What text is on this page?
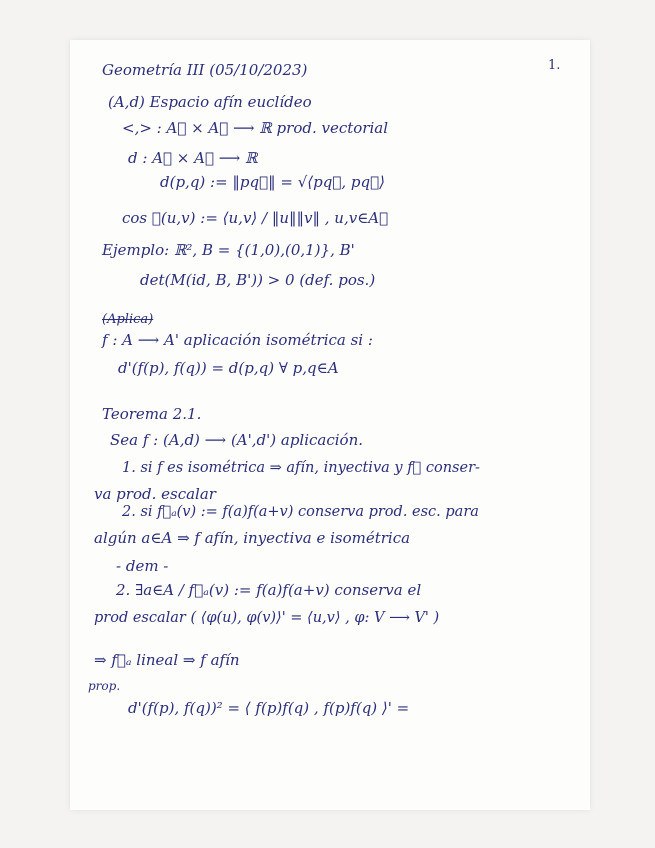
1.
Geometría III (05/10/2023)
(A,d) Espacio afín euclídeo
<,> : A⃗ × A⃗ ⟶ ℝ prod. vectorial
d : A⃗ × A⃗ ⟶ ℝ
d(p,q) := ‖pq⃗‖ = √⟨pq⃗, pq⃗⟩
cos ∡(u,v) := ⟨u,v⟩ / ‖u‖‖v‖ , u,v∈A⃗
Ejemplo: ℝ², B = {(1,0),(0,1)}, B'
det(M(id, B, B')) > 0 (def. pos.)
(Aplica)
f : A ⟶ A' aplicación isométrica si :
d'(f(p), f(q)) = d(p,q) ∀ p,q∈A
Teorema 2.1.
Sea f : (A,d) ⟶ (A',d') aplicación.
1. si f es isométrica ⇒ afín, inyectiva y f⃗ conser-
va prod. escalar
2. si f⃗ₐ(v) := f(a)f(a+v) conserva prod. esc. para
algún a∈A ⇒ f afín, inyectiva e isométrica
- dem -
2. ∃a∈A / f⃗ₐ(v) := f(a)f(a+v) conserva el
prod escalar ( ⟨φ(u), φ(v)⟩' = ⟨u,v⟩ , φ: V ⟶ V' )
⇒ f⃗ₐ lineal ⇒ f afín
prop.
d'(f(p), f(q))² = ⟨ f(p)f(q) , f(p)f(q) ⟩' =
